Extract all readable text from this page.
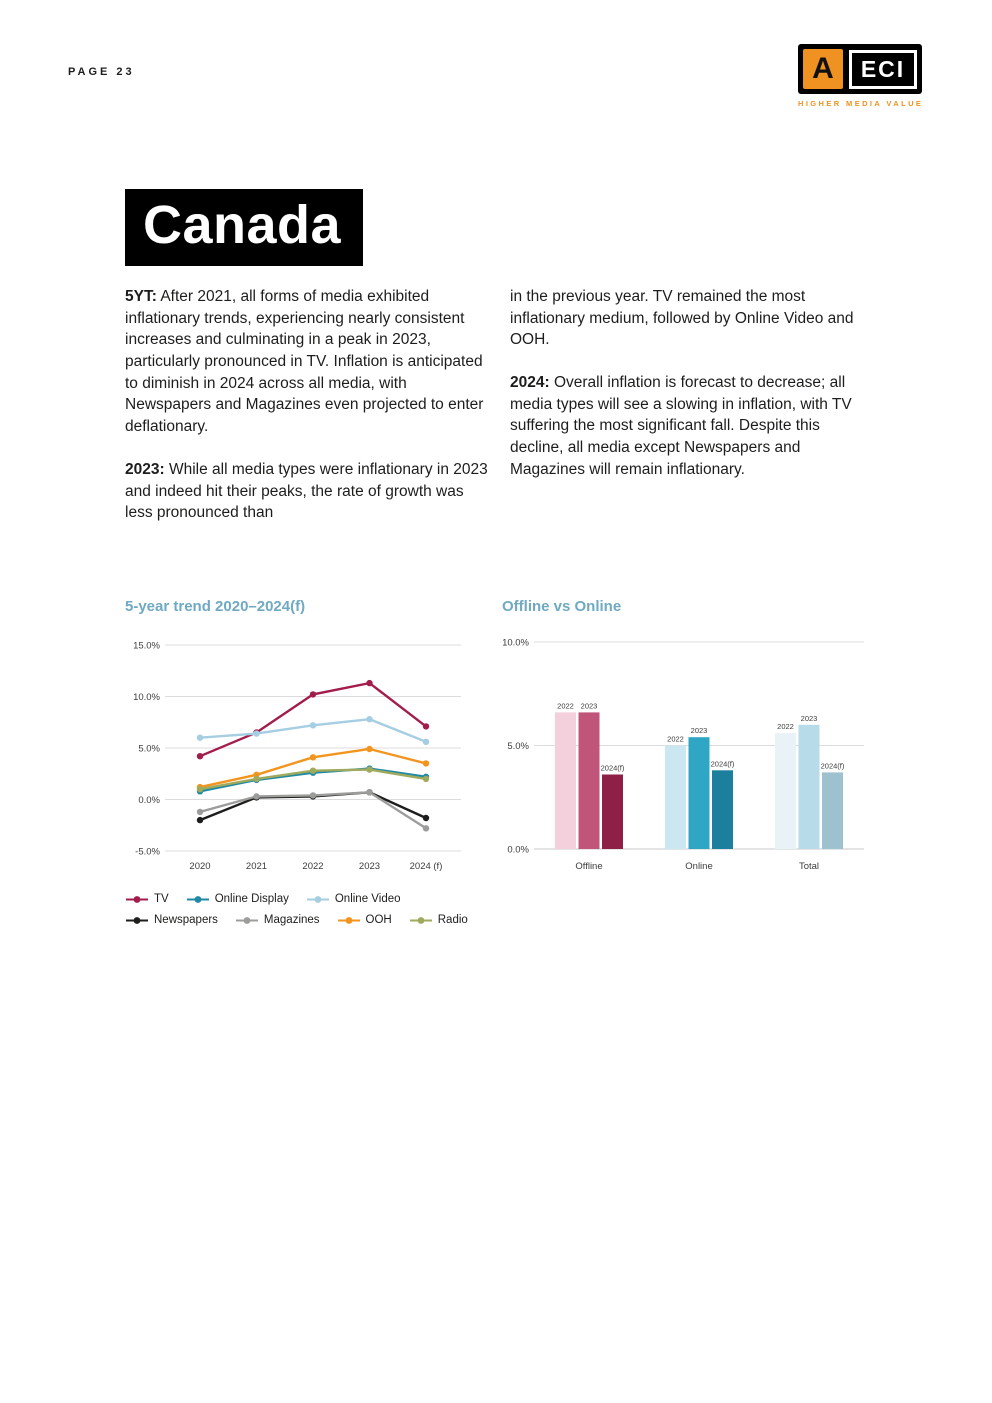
PAGE 23	A	ECI
HIGHER MEDIA VALUE
Canada

5YT: After 2021, all forms of media exhibited inflationary trends, experiencing nearly consistent increases and culminating in a peak in 2023, particularly pronounced in TV. Inflation is anticipated to diminish in 2024 across all media, with Newspapers and Magazines even projected to enter deflationary.

2023: While all media types were inflationary in 2023 and indeed hit their peaks, the rate of growth was less pronounced than

in the previous year. TV remained the most inflationary medium, followed by Online Video and OOH.

2024: Overall inflation is forecast to decrease; all media types will see a slowing in inflation, with TV suffering the most significant fall. Despite this decline, all media except Newspapers and Magazines will remain inflationary.

5-year trend 2020–2024(f)
15.0%
10.0%
5.0%
0.0%
-5.0%
2020	2021	2022	2023	2024 (f)
TV	Online Display	Online Video
Newspapers	Magazines	OOH	Radio
Offline vs Online
10.0%
5.0%
0.0%
2022 2023
2024(f)
Offline
2022
2023
2024(f)
Online
2022
2023
2024(f)
Total
